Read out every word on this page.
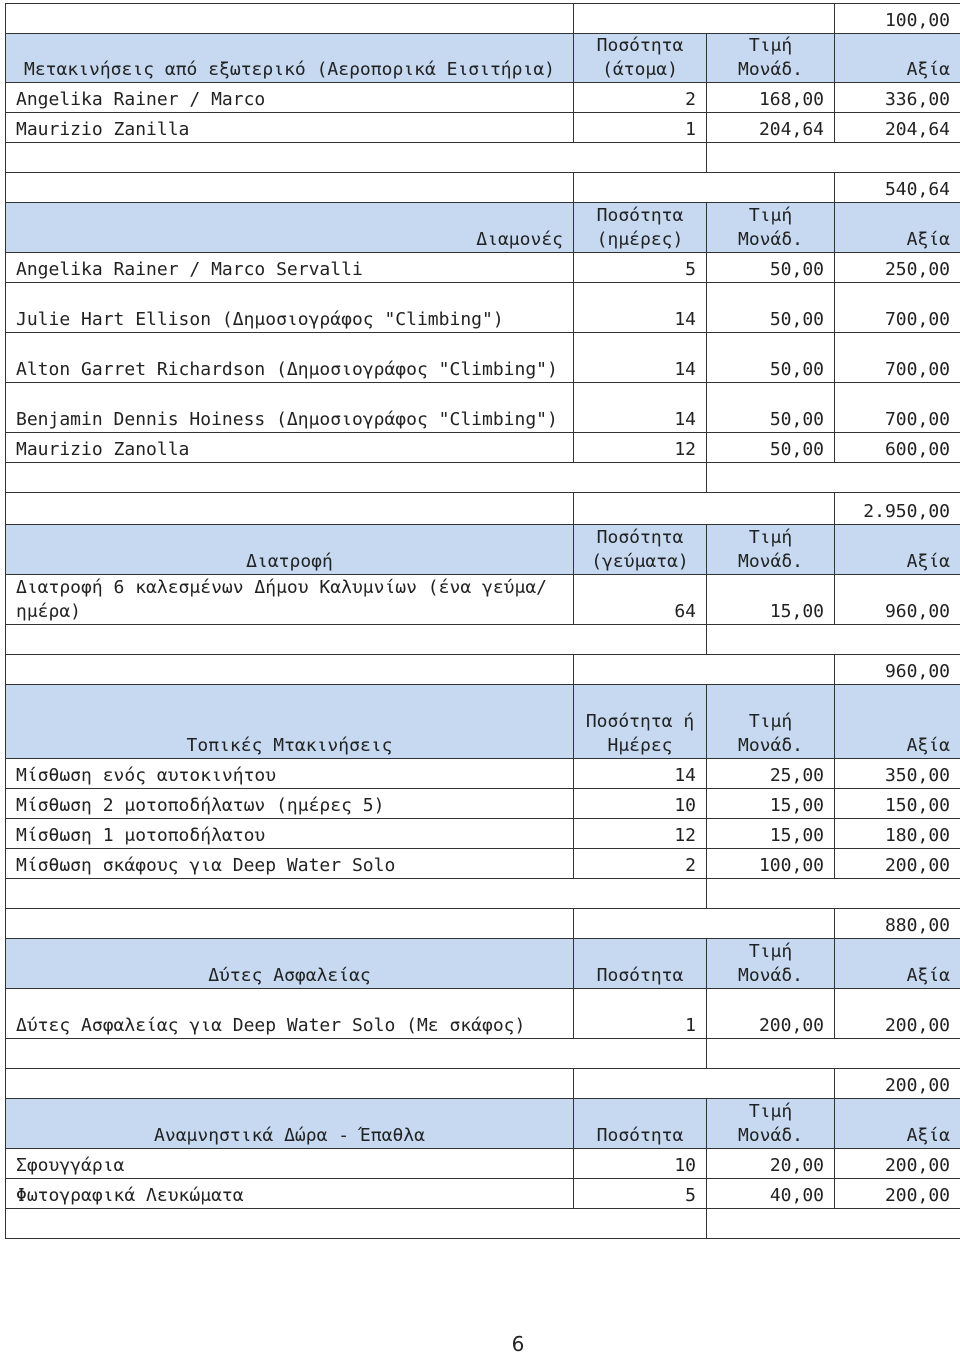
			100,00
Μετακινήσεις από εξωτερικό (Αεροπορικά Εισιτήρια)	Ποσότητα (άτομα)	Τιμή Μονάδ.	Αξία
Angelika Rainer / Marco	2	168,00	336,00
Maurizio Zanilla	1	204,64	204,64

			540,64
Διαμονές	Ποσότητα (ημέρες)	Τιμή Μονάδ.	Αξία
Angelika Rainer / Marco Servalli	5	50,00	250,00
Julie Hart Ellison (Δημοσιογράφος "Climbing")	14	50,00	700,00
Alton Garret Richardson (Δημοσιογράφος "Climbing")	14	50,00	700,00
Benjamin Dennis Hoiness (Δημοσιογράφος "Climbing")	14	50,00	700,00
Maurizio Zanolla	12	50,00	600,00

			2.950,00
Διατροφή	Ποσότητα (γεύματα)	Τιμή Μονάδ.	Αξία
Διατροφή 6 καλεσμένων Δήμου Καλυμνίων (ένα γεύμα/ημέρα)	64	15,00	960,00

			960,00
Τοπικές Μτακινήσεις	Ποσότητα ή Ημέρες	Τιμή Μονάδ.	Αξία
Μίσθωση ενός αυτοκινήτου	14	25,00	350,00
Μίσθωση 2 μοτοποδήλατων (ημέρες 5)	10	15,00	150,00
Μίσθωση 1 μοτοποδήλατου	12	15,00	180,00
Μίσθωση σκάφους για Deep Water Solo	2	100,00	200,00

			880,00
Δύτες Ασφαλείας	Ποσότητα	Τιμή Μονάδ.	Αξία
Δύτες Ασφαλείας για Deep Water Solo (Με σκάφος)	1	200,00	200,00

			200,00
Αναμνηστικά Δώρα - Έπαθλα	Ποσότητα	Τιμή Μονάδ.	Αξία
Σφουγγάρια	10	20,00	200,00
Φωτογραφικά Λευκώματα	5	40,00	200,00

6
